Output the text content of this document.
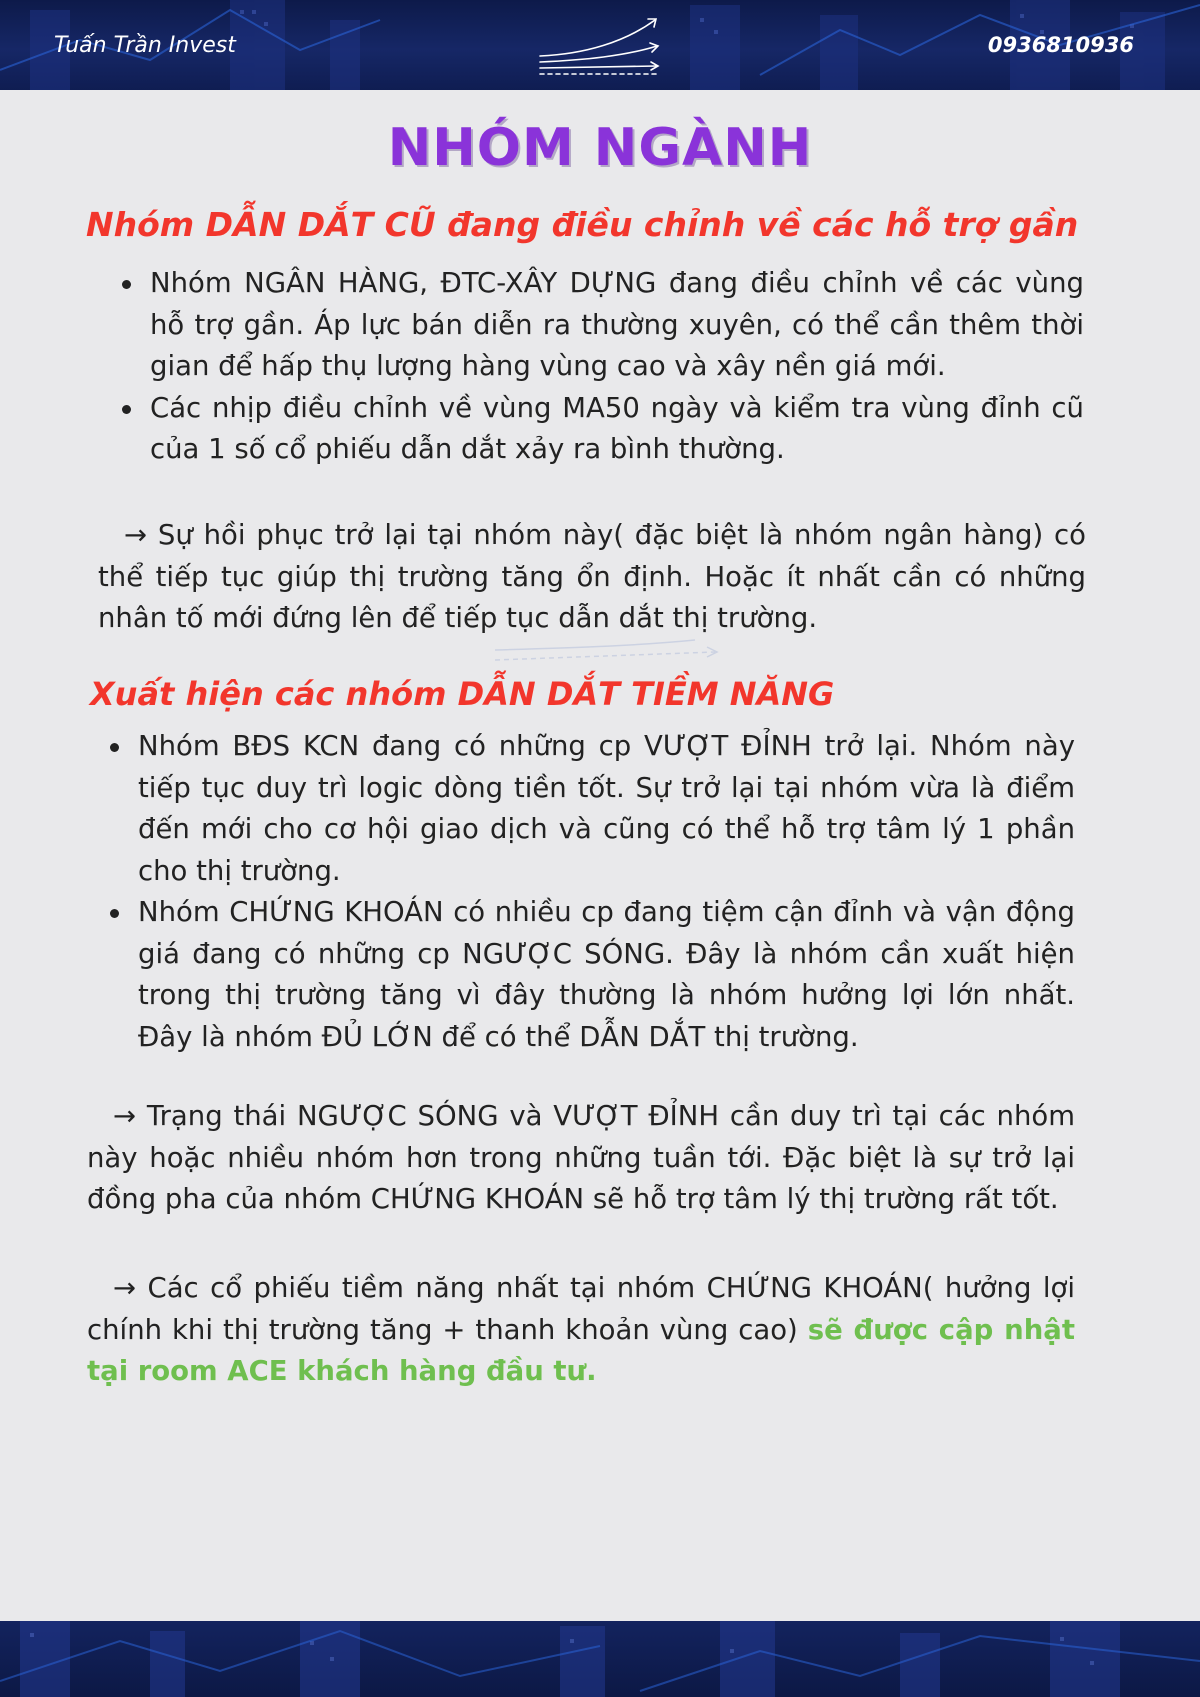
Tuấn Trần Invest	0936810936
NHÓM NGÀNH
Nhóm DẪN DẮT CŨ đang điều chỉnh về các hỗ trợ gần
Nhóm NGÂN HÀNG, ĐTC-XÂY DỰNG đang điều chỉnh về các vùng hỗ trợ gần. Áp lực bán diễn ra thường xuyên, có thể cần thêm thời gian để hấp thụ lượng hàng vùng cao và xây nền giá mới.
Các nhịp điều chỉnh về vùng MA50 ngày và kiểm tra vùng đỉnh cũ của 1 số cổ phiếu dẫn dắt xảy ra bình thường.
→ Sự hồi phục trở lại tại nhóm này( đặc biệt là nhóm ngân hàng) có thể tiếp tục giúp thị trường tăng ổn định. Hoặc ít nhất cần có những nhân tố mới đứng lên để tiếp tục dẫn dắt thị trường.
Xuất hiện các nhóm DẪN DẮT TIỀM NĂNG
Nhóm BĐS KCN đang có những cp VƯỢT ĐỈNH trở lại. Nhóm này tiếp tục duy trì logic dòng tiền tốt. Sự trở lại tại nhóm vừa là điểm đến mới cho cơ hội giao dịch và cũng có thể hỗ trợ tâm lý 1 phần cho thị trường.
Nhóm CHỨNG KHOÁN có nhiều cp đang tiệm cận đỉnh và vận động giá đang có những cp NGƯỢC SÓNG. Đây là nhóm cần xuất hiện trong thị trường tăng vì đây thường là nhóm hưởng lợi lớn nhất. Đây là nhóm ĐỦ LỚN để có thể DẪN DẮT thị trường.
→ Trạng thái NGƯỢC SÓNG và VƯỢT ĐỈNH cần duy trì tại các nhóm này hoặc nhiều nhóm hơn trong những tuần tới. Đặc biệt là sự trở lại đồng pha của nhóm CHỨNG KHOÁN sẽ hỗ trợ tâm lý thị trường rất tốt.
→ Các cổ phiếu tiềm năng nhất tại nhóm CHỨNG KHOÁN( hưởng lợi chính khi thị trường tăng + thanh khoản vùng cao) sẽ được cập nhật tại room ACE khách hàng đầu tư.
